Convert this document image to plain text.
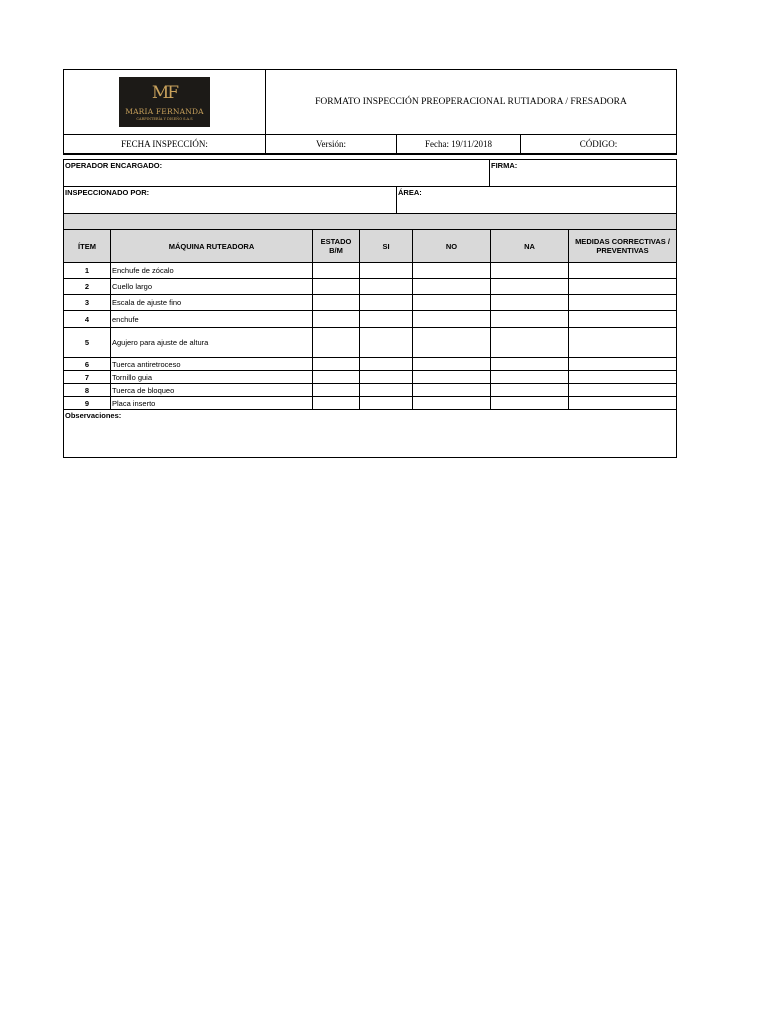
MF
MARIA FERNANDA
CARPINTERÍA Y DISEÑO S.A.S	FORMATO INSPECCIÓN PREOPERACIONAL RUTIADORA / FRESADORA		
FECHA INSPECCIÓN:	Versión:	Fecha: 19/11/2018	CÓDIGO:
OPERADOR ENCARGADO:		FIRMA:
INSPECCIONADO POR:	ÁREA:	

ÍTEM	MÁQUINA RUTEADORA	ESTADO B/M	SI	NO	NA	MEDIDAS CORRECTIVAS / PREVENTIVAS
1	Enchufe de zócalo					
2	Cuello largo					
3	Escala de ajuste fino					
4	enchufe					
5	Agujero para ajuste de altura					
6	Tuerca antiretroceso					
7	Tornillo guia					
8	Tuerca de bloqueo					
9	Placa inserto					
Observaciones:						
